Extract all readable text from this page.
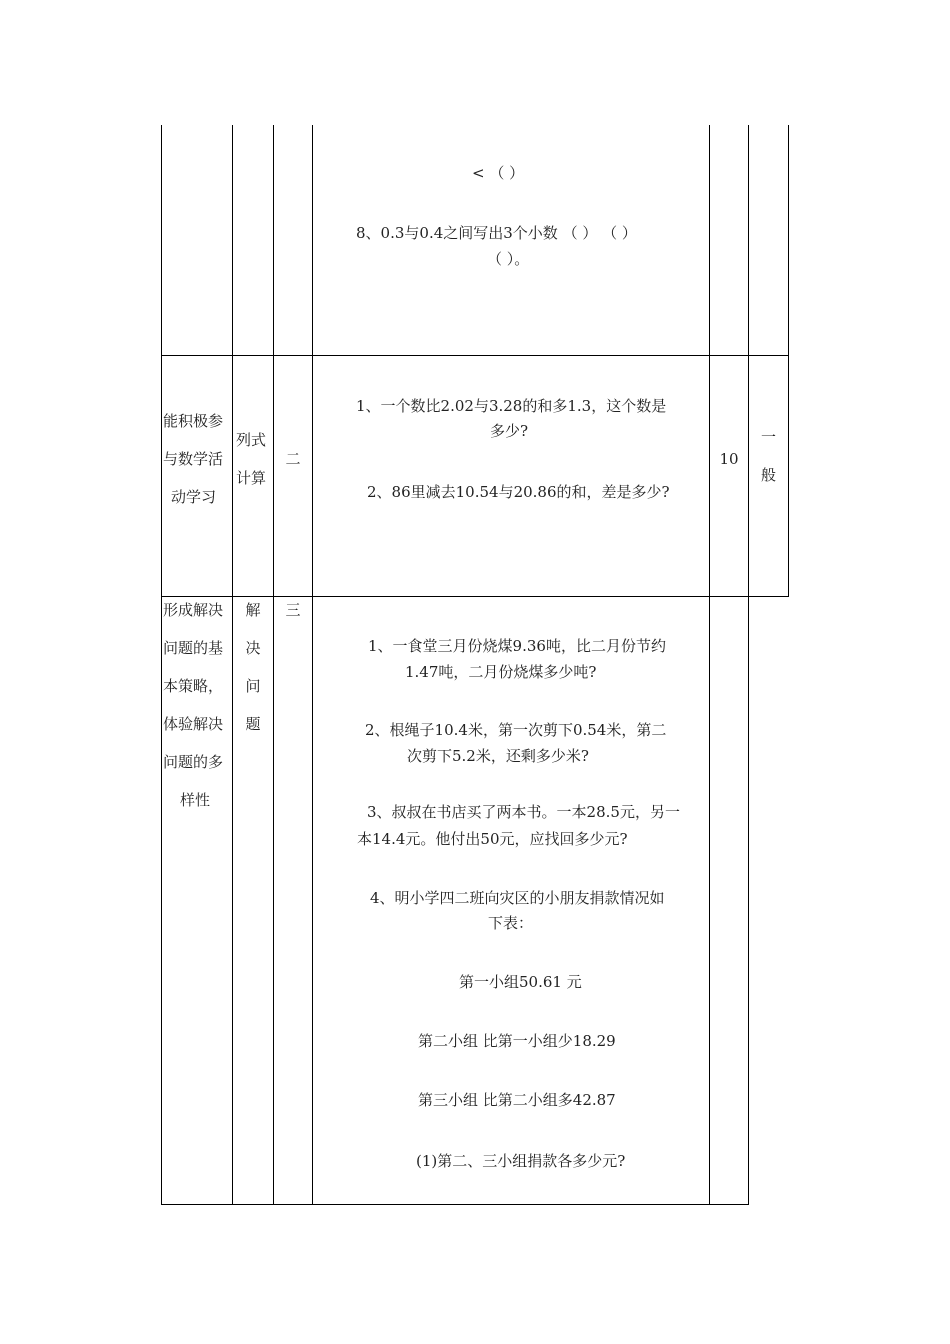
< （ ）
8、0.3与0.4之间写出3个小数 （ ） （ ）
（ ）。
能积极参
与数学活
动学习
列式
计算
二
1、一个数比2.02与3.28的和多1.3，这个数是
多少?
2、86里减去10.54与20.86的和，差是多少?
10
一
般
形成解决
问题的基
本策略，
体验解决
问题的多
样性
解
决
问
题
三
1、一食堂三月份烧煤9.36吨，比二月份节约
1.47吨，二月份烧煤多少吨?
2、根绳子10.4米，第一次剪下0.54米，第二
次剪下5.2米，还剩多少米?
3、叔叔在书店买了两本书。一本28.5元，另一
本14.4元。他付出50元，应找回多少元?
4、明小学四二班向灾区的小朋友捐款情况如
下表：
第一小组50.61 元
第二小组 比第一小组少18.29
第三小组 比第二小组多42.87
(1)第二、三小组捐款各多少元?
